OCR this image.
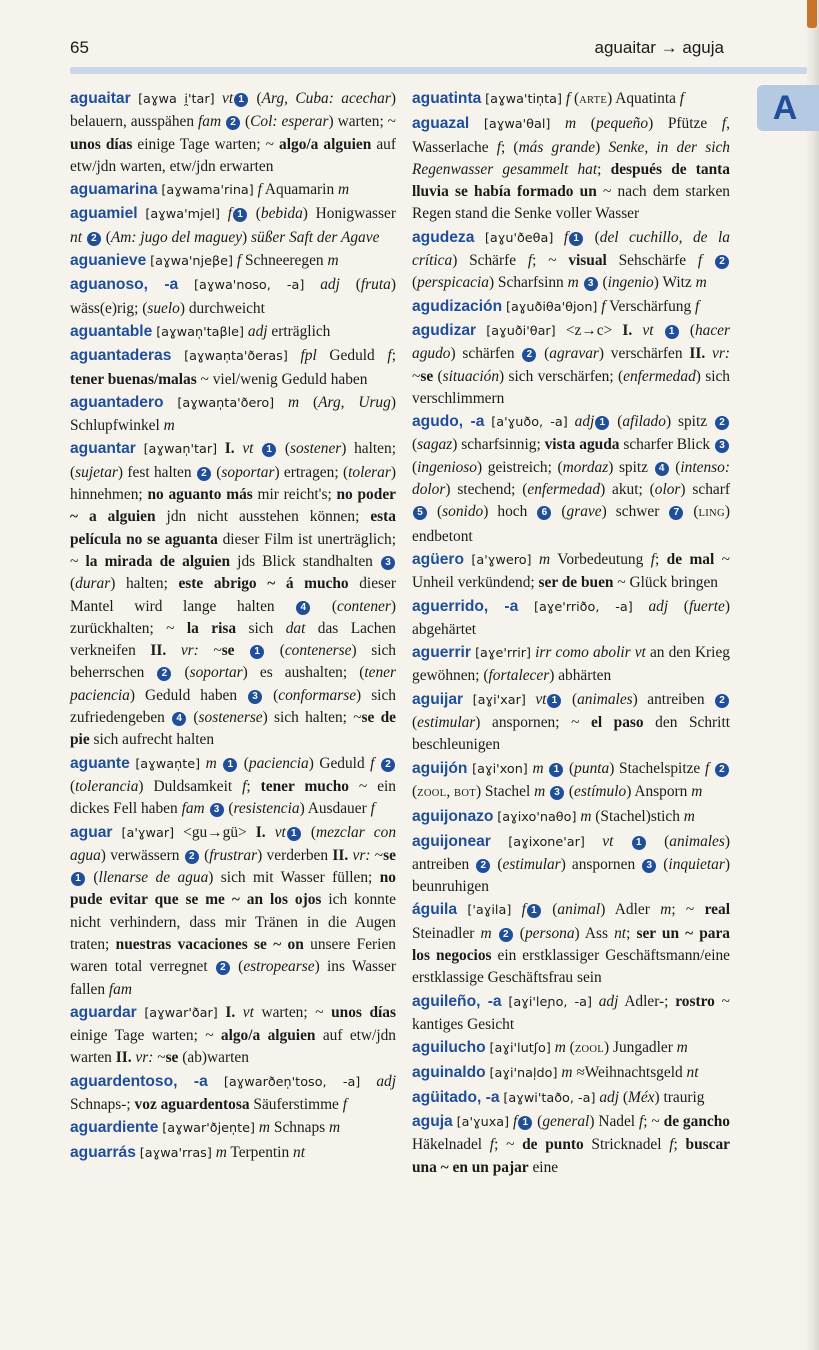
65	aguaitar → aguja
A
aguaitar [aɣwa i̯'tar] vt 1 (Arg, Cuba: acechar) belauern, ausspähen fam 2 (Col: esperar) warten; ~ unos días einige Tage warten; ~ algo/a alguien auf etw/jdn warten, etw/jdn erwarten
aguamarina [aɣwama'rina] f Aquamarin m
aguamiel [aɣwa'mjel] f 1 (bebida) Honigwasser nt 2 (Am: jugo del maguey) süßer Saft der Agave
aguanieve [aɣwa'njeβe] f Schneeregen m
aguanoso, -a [aɣwa'noso, -a] adj (fruta) wäss(e)rig; (suelo) durchweicht
aguantable [aɣwan̩'taβle] adj erträglich
aguantaderas [aɣwan̩ta'ðeras] fpl Geduld f; tener buenas/malas ~ viel/wenig Geduld haben
aguantadero [aɣwan̩ta'ðero] m (Arg, Urug) Schlupfwinkel m
aguantar [aɣwan̩'tar] I. vt 1 (sostener) halten; (sujetar) fest halten 2 (soportar) ertragen; (tolerar) hinnehmen; no aguanto más mir reicht's; no poder ~ a alguien jdn nicht ausstehen können; esta película no se aguanta dieser Film ist unerträglich; ~ la mirada de alguien jds Blick standhalten 3 (durar) halten; este abrigo ~ á mucho dieser Mantel wird lange halten 4 (contener) zurückhalten; ~ la risa sich dat das Lachen verkneifen II. vr: ~se 1 (contenerse) sich beherrschen 2 (soportar) es aushalten; (tener paciencia) Geduld haben 3 (conformarse) sich zufriedengeben 4 (sostenerse) sich halten; ~se de pie sich aufrecht halten
aguante [aɣwan̩te] m 1 (paciencia) Geduld f 2 (tolerancia) Duldsamkeit f; tener mucho ~ ein dickes Fell haben fam 3 (resistencia) Ausdauer f
aguar [a'ɣwar] <gu→gü> I. vt 1 (mezclar con agua) verwässern 2 (frustrar) verderben II. vr: ~se 1 (llenarse de agua) sich mit Wasser füllen; no pude evitar que se me ~ an los ojos ich konnte nicht verhindern, dass mir Tränen in die Augen traten; nuestras vacaciones se ~ on unsere Ferien waren total verregnet 2 (estropearse) ins Wasser fallen fam
aguardar [aɣwar'ðar] I. vt warten; ~ unos días einige Tage warten; ~ algo/a alguien auf etw/jdn warten II. vr: ~se (ab)warten
aguardentoso, -a [aɣwarðen̩'toso, -a] adj Schnaps-; voz aguardentosa Säuferstimme f
aguardiente [aɣwar'ðjen̩te] m Schnaps m
aguarrás [aɣwa'rras] m Terpentin nt
aguatinta [aɣwa'tin̩ta] f (ARTE) Aquatinta f
aguazal [aɣwa'θal] m (pequeño) Pfütze f, Wasserlache f; (más grande) Senke, in der sich Regenwasser gesammelt hat; después de tanta lluvia se había formado un ~ nach dem starken Regen stand die Senke voller Wasser
agudeza [aɣu'ðeθa] f 1 (del cuchillo, de la crítica) Schärfe f; ~ visual Sehschärfe f 2 (perspicacia) Scharfsinn m 3 (ingenio) Witz m
agudización [aɣuðiθa'θjon] f Verschärfung f
agudizar [aɣuði'θar] <z→c> I. vt 1 (hacer agudo) schärfen 2 (agravar) verschärfen II. vr: ~se (situación) sich verschärfen; (enfermedad) sich verschlimmern
agudo, -a [a'ɣuðo, -a] adj 1 (afilado) spitz 2 (sagaz) scharfsinnig; vista aguda scharfer Blick 3 (ingenioso) geistreich; (mordaz) spitz 4 (intenso: dolor) stechend; (enfermedad) akut; (olor) scharf 5 (sonido) hoch 6 (grave) schwer 7 (LING) endbetont
agüero [a'ɣwero] m Vorbedeutung f; de mal ~ Unheil verkündend; ser de buen ~ Glück bringen
aguerrido, -a [aɣe'rriðo, -a] adj (fuerte) abgehärtet
aguerrir [aɣe'rrir] irr como abolir vt an den Krieg gewöhnen; (fortalecer) abhärten
aguijar [aɣi'xar] vt 1 (animales) antreiben 2 (estimular) anspornen; ~ el paso den Schritt beschleunigen
aguijón [aɣi'xon] m 1 (punta) Stachelspitze f 2 (ZOOL, BOT) Stachel m 3 (estímulo) Ansporn m
aguijonazo [aɣixo'naθo] m (Stachel)stich m
aguijonear [aɣixone'ar] vt 1 (animales) antreiben 2 (estimular) anspornen 3 (inquietar) beunruhigen
águila ['aɣila] f 1 (animal) Adler m; ~ real Steinadler m 2 (persona) Ass nt; ser un ~ para los negocios ein erstklassiger Geschäftsmann/eine erstklassige Geschäftsfrau sein
aguileño, -a [aɣi'leɲo, -a] adj Adler-; rostro ~ kantiges Gesicht
aguilucho [aɣi'lutʃo] m (ZOOL) Jungadler m
aguinaldo [aɣi'nal̩do] m ≈Weihnachtsgeld nt
agüitado, -a [aɣwi'taðo, -a] adj (Méx) traurig
aguja [a'ɣuxa] f 1 (general) Nadel f; ~ de gancho Häkelnadel f; ~ de punto Stricknadel f; buscar una ~ en un pajar eine
